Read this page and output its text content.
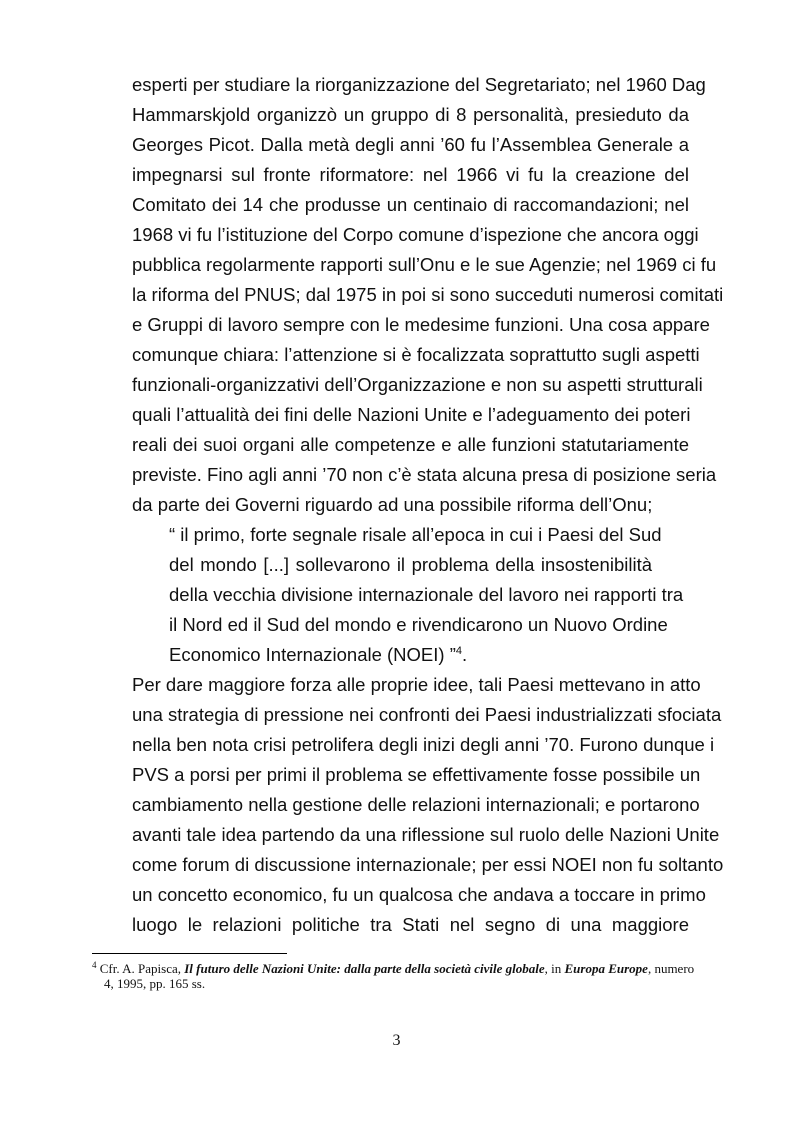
esperti per studiare la riorganizzazione del Segretariato; nel 1960 Dag
Hammarskjold organizzò un gruppo di 8 personalità, presieduto da
Georges Picot. Dalla metà degli anni ’60 fu l’Assemblea Generale a
impegnarsi sul fronte riformatore: nel 1966 vi fu la creazione del
Comitato dei 14 che produsse un centinaio di raccomandazioni; nel
1968 vi fu l’istituzione del Corpo comune d’ispezione che ancora oggi
pubblica regolarmente rapporti sull’Onu e le sue Agenzie; nel 1969 ci fu
la riforma del PNUS; dal 1975 in poi si sono succeduti numerosi comitati
e Gruppi di lavoro sempre con le medesime funzioni. Una cosa appare
comunque chiara: l’attenzione si è focalizzata soprattutto sugli aspetti
funzionali-organizzativi dell’Organizzazione e non su aspetti strutturali
quali l’attualità dei fini delle Nazioni Unite e l’adeguamento dei poteri
reali dei suoi organi alle competenze e alle funzioni statutariamente
previste. Fino agli anni ’70 non c’è stata alcuna presa di posizione seria
da parte dei Governi riguardo ad una possibile riforma dell’Onu;
“ il primo, forte segnale risale all’epoca in cui i Paesi del Sud
del mondo [...] sollevarono il problema della insostenibilità
della vecchia divisione internazionale del lavoro nei rapporti tra
il Nord ed il Sud del mondo e rivendicarono un Nuovo Ordine
Economico Internazionale (NOEI) ”$^4$.
Per dare maggiore forza alle proprie idee, tali Paesi mettevano in atto
una strategia di pressione nei confronti dei Paesi industrializzati sfociata
nella ben nota crisi petrolifera degli inizi degli anni ’70. Furono dunque i
PVS a porsi per primi il problema se effettivamente fosse possibile un
cambiamento nella gestione delle relazioni internazionali; e portarono
avanti tale idea partendo da una riflessione sul ruolo delle Nazioni Unite
come forum di discussione internazionale; per essi NOEI non fu soltanto
un concetto economico, fu un qualcosa che andava a toccare in primo
luogo le relazioni politiche tra Stati nel segno di una maggiore
$^4$ Cfr. A. Papisca, Il futuro delle Nazioni Unite: dalla parte della società civile globale, in Europa Europe, numero
4, 1995, pp. 165 ss.
3
